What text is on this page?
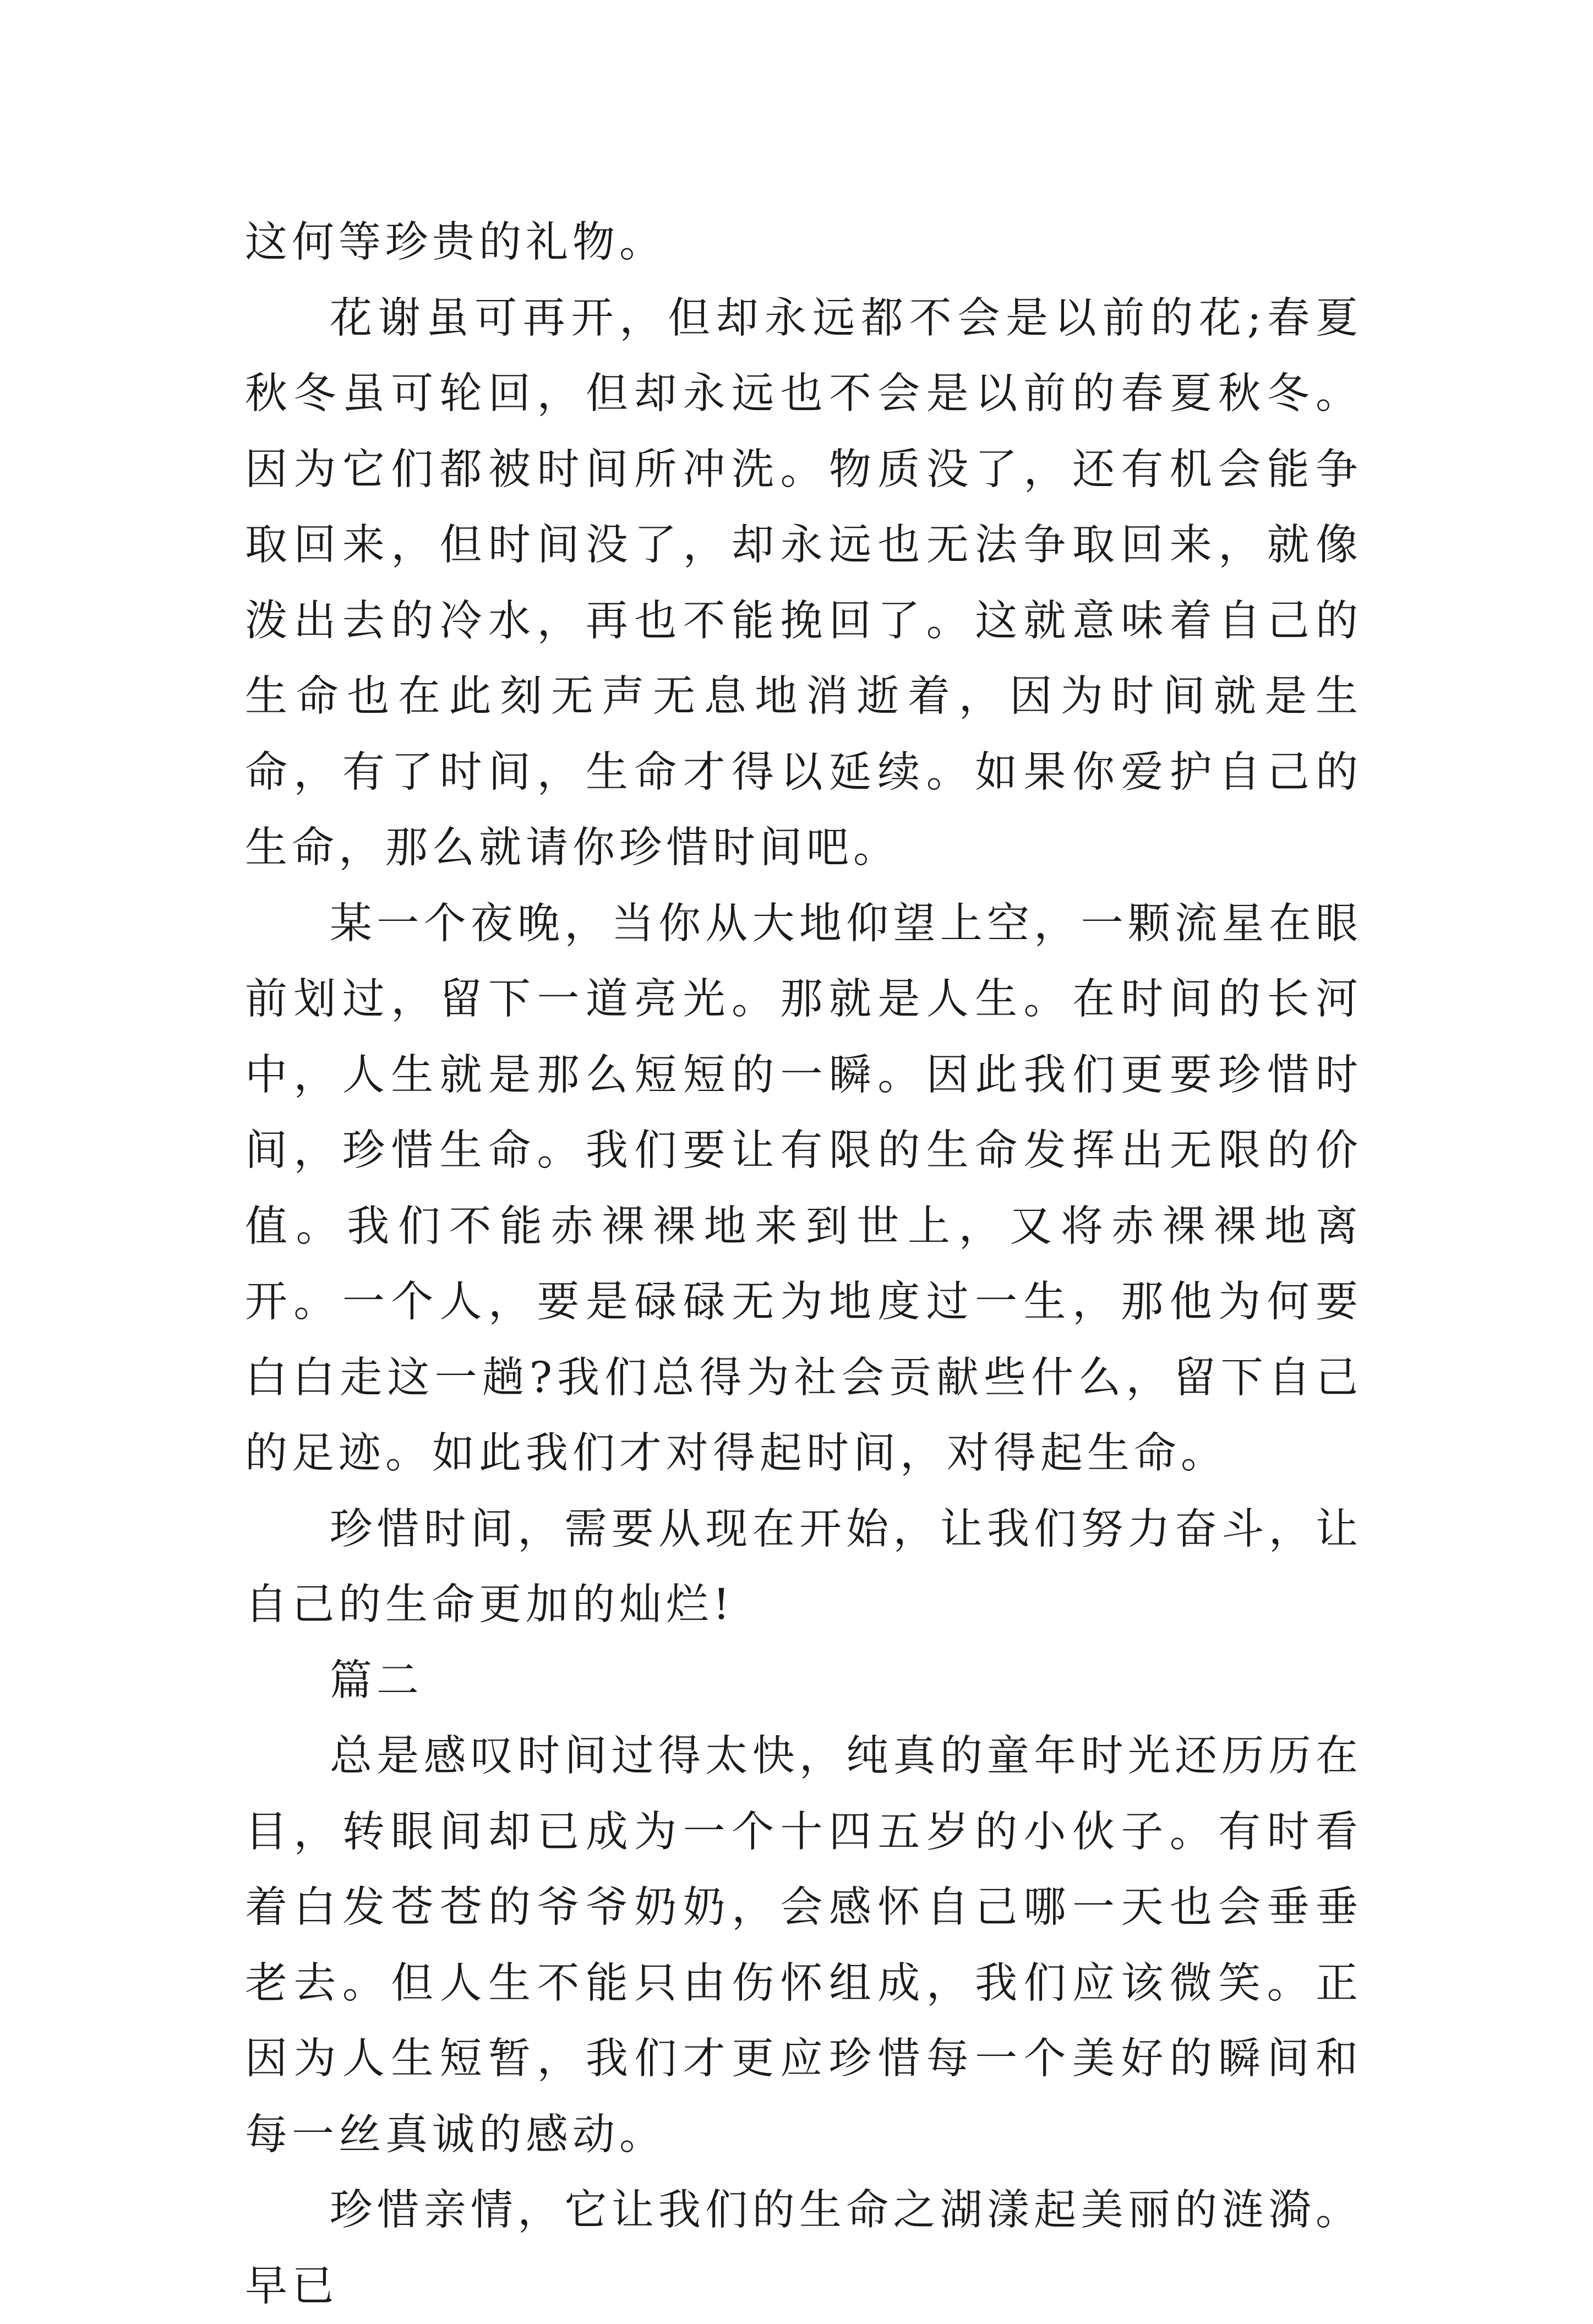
这何等珍贵的礼物。

花谢虽可再开，但却永远都不会是以前的花;春夏秋冬虽可轮回，但却永远也不会是以前的春夏秋冬。因为它们都被时间所冲洗。物质没了，还有机会能争取回来，但时间没了，却永远也无法争取回来，就像泼出去的冷水，再也不能挽回了。这就意味着自己的生命也在此刻无声无息地消逝着，因为时间就是生命，有了时间，生命才得以延续。如果你爱护自己的生命，那么就请你珍惜时间吧。

某一个夜晚，当你从大地仰望上空，一颗流星在眼前划过，留下一道亮光。那就是人生。在时间的长河中，人生就是那么短短的一瞬。因此我们更要珍惜时间，珍惜生命。我们要让有限的生命发挥出无限的价值。我们不能赤裸裸地来到世上，又将赤裸裸地离开。一个人，要是碌碌无为地度过一生，那他为何要白白走这一趟?我们总得为社会贡献些什么，留下自己的足迹。如此我们才对得起时间，对得起生命。

珍惜时间，需要从现在开始，让我们努力奋斗，让自己的生命更加的灿烂!

篇二

总是感叹时间过得太快，纯真的童年时光还历历在目，转眼间却已成为一个十四五岁的小伙子。有时看着白发苍苍的爷爷奶奶，会感怀自己哪一天也会垂垂老去。但人生不能只由伤怀组成，我们应该微笑。正因为人生短暂，我们才更应珍惜每一个美好的瞬间和每一丝真诚的感动。

珍惜亲情，它让我们的生命之湖漾起美丽的涟漪。早已
